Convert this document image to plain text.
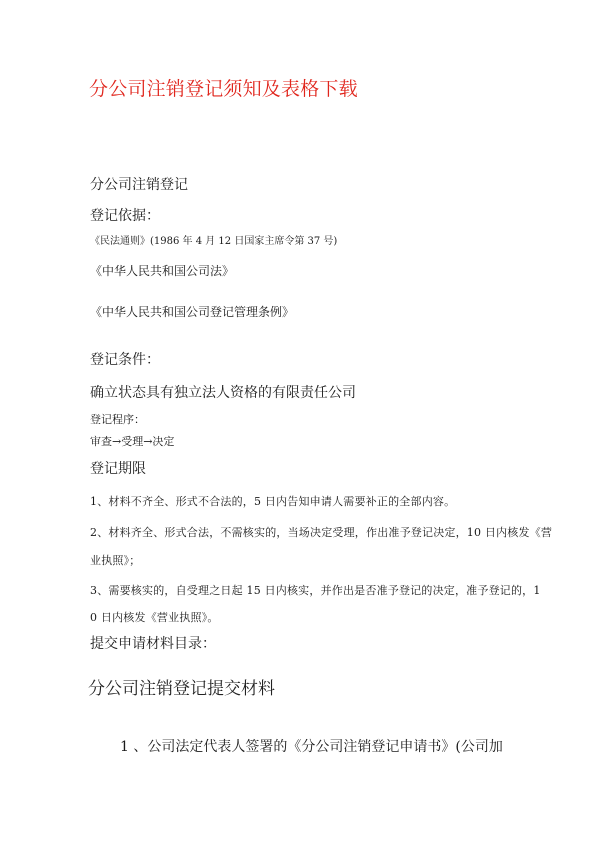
分公司注销登记须知及表格下载
分公司注销登记
登记依据：
《民法通则》(1986 年 4 月 12 日国家主席令第 37 号)
《中华人民共和国公司法》
《中华人民共和国公司登记管理条例》
登记条件：
确立状态具有独立法人资格的有限责任公司
登记程序：
审查→受理→决定
登记期限
1、材料不齐全、形式不合法的，5 日内告知申请人需要补正的全部内容。
2、材料齐全、形式合法，不需核实的，当场决定受理，作出准予登记决定，10 日内核发《营
业执照》；
3、需要核实的，自受理之日起 15 日内核实，并作出是否准予登记的决定，准予登记的，1
0 日内核发《营业执照》。
提交申请材料目录：
分公司注销登记提交材料
1 、公司法定代表人签署的《分公司注销登记申请书》(公司加
